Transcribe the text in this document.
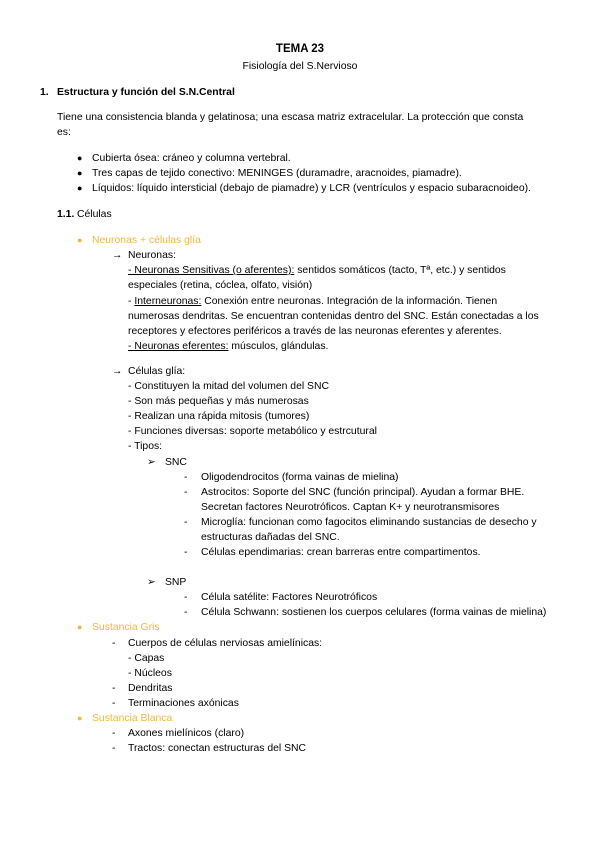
TEMA 23
Fisiología del S.Nervioso
1. Estructura y función del S.N.Central
Tiene una consistencia blanda y gelatinosa; una escasa matriz extracelular. La protección que consta
es:
● Cubierta ósea: cráneo y columna vertebral.
● Tres capas de tejido conectivo: MENINGES (duramadre, aracnoides, piamadre).
● Líquidos: líquido intersticial (debajo de piamadre) y LCR (ventrículos y espacio subaracnoideo).
1.1. Células
● Neuronas + células glía
→ Neuronas:
- Neuronas Sensitivas (o aferentes): sentidos somáticos (tacto, Tª, etc.) y sentidos
especiales (retina, cóclea, olfato, visión)
- Interneuronas: Conexión entre neuronas. Integración de la información. Tienen
numerosas dendritas. Se encuentran contenidas dentro del SNC. Están conectadas a los
receptores y efectores periféricos a través de las neuronas eferentes y aferentes.
- Neuronas eferentes: músculos, glándulas.
→ Células glía:
- Constituyen la mitad del volumen del SNC
- Son más pequeñas y más numerosas
- Realizan una rápida mitosis (tumores)
- Funciones diversas: soporte metabólico y estrcutural
- Tipos:
➢ SNC
- Oligodendrocitos (forma vainas de mielina)
- Astrocitos: Soporte del SNC (función principal). Ayudan a formar BHE.
Secretan factores Neurotróficos. Captan K+ y neurotransmisores
- Microglía: funcionan como fagocitos eliminando sustancias de desecho y
estructuras dañadas del SNC.
- Células ependimarias: crean barreras entre compartimentos.
➢ SNP
- Célula satélite: Factores Neurotróficos
- Célula Schwann: sostienen los cuerpos celulares (forma vainas de mielina)
● Sustancia Gris
- Cuerpos de células nerviosas amielínicas:
- Capas
- Núcleos
- Dendritas
- Terminaciones axónicas
● Sustancia Blanca
- Axones mielínicos (claro)
- Tractos: conectan estructuras del SNC
